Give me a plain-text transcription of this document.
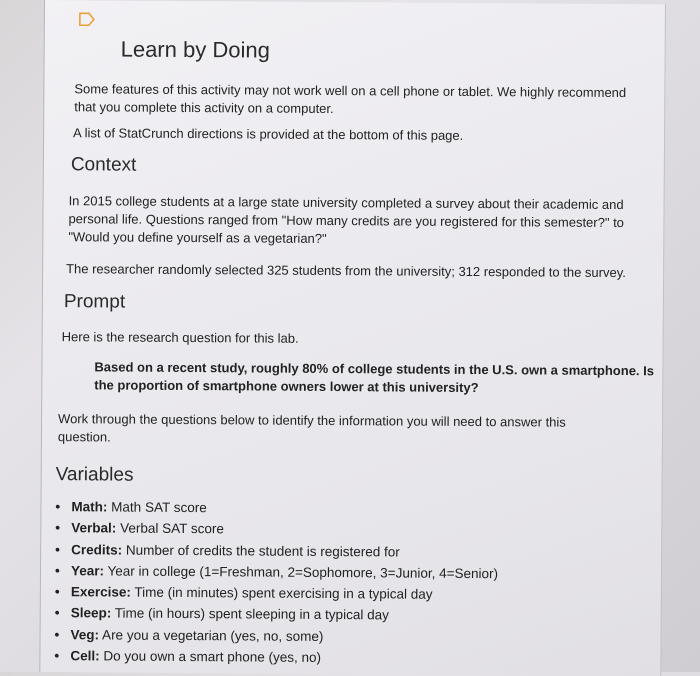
Learn by Doing

Some features of this activity may not work well on a cell phone or tablet. We highly recommend
that you complete this activity on a computer.

A list of StatCrunch directions is provided at the bottom of this page.

Context

In 2015 college students at a large state university completed a survey about their academic and
personal life. Questions ranged from "How many credits are you registered for this semester?" to
"Would you define yourself as a vegetarian?"

The researcher randomly selected 325 students from the university; 312 responded to the survey.

Prompt

Here is the research question for this lab.

Based on a recent study, roughly 80% of college students in the U.S. own a smartphone. Is
the proportion of smartphone owners lower at this university?

Work through the questions below to identify the information you will need to answer this
question.

Variables
• Math: Math SAT score
• Verbal: Verbal SAT score
• Credits: Number of credits the student is registered for
• Year: Year in college (1=Freshman, 2=Sophomore, 3=Junior, 4=Senior)
• Exercise: Time (in minutes) spent exercising in a typical day
• Sleep: Time (in hours) spent sleeping in a typical day
• Veg: Are you a vegetarian (yes, no, some)
• Cell: Do you own a smart phone (yes, no)
